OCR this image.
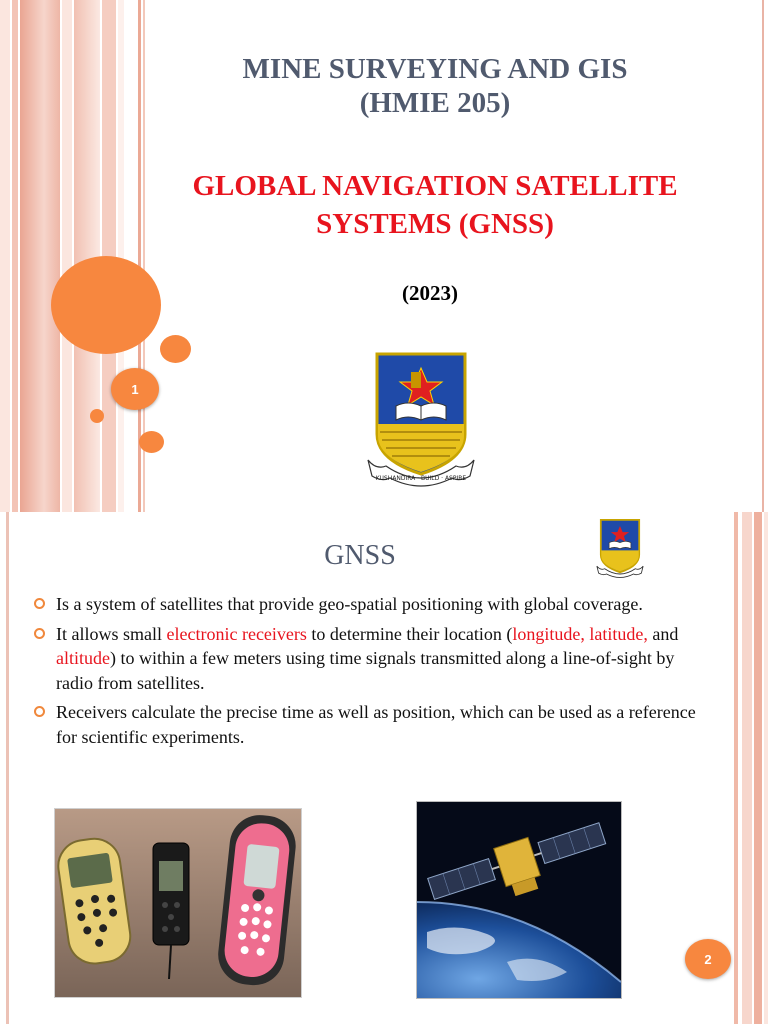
1
MINE SURVEYING AND GIS
(HMIE 205)
GLOBAL NAVIGATION SATELLITE
SYSTEMS (GNSS)
(2023)
KUSHANDIRA · BUILD · ASPIRE
GNSS
Is a system of satellites that provide geo-spatial positioning with global coverage.
It allows small electronic receivers to determine their location (longitude, latitude, and altitude) to within a few meters using time signals transmitted along a line-of-sight by radio from satellites.
Receivers calculate the precise time as well as position, which can be used as a reference for scientific experiments.
2
